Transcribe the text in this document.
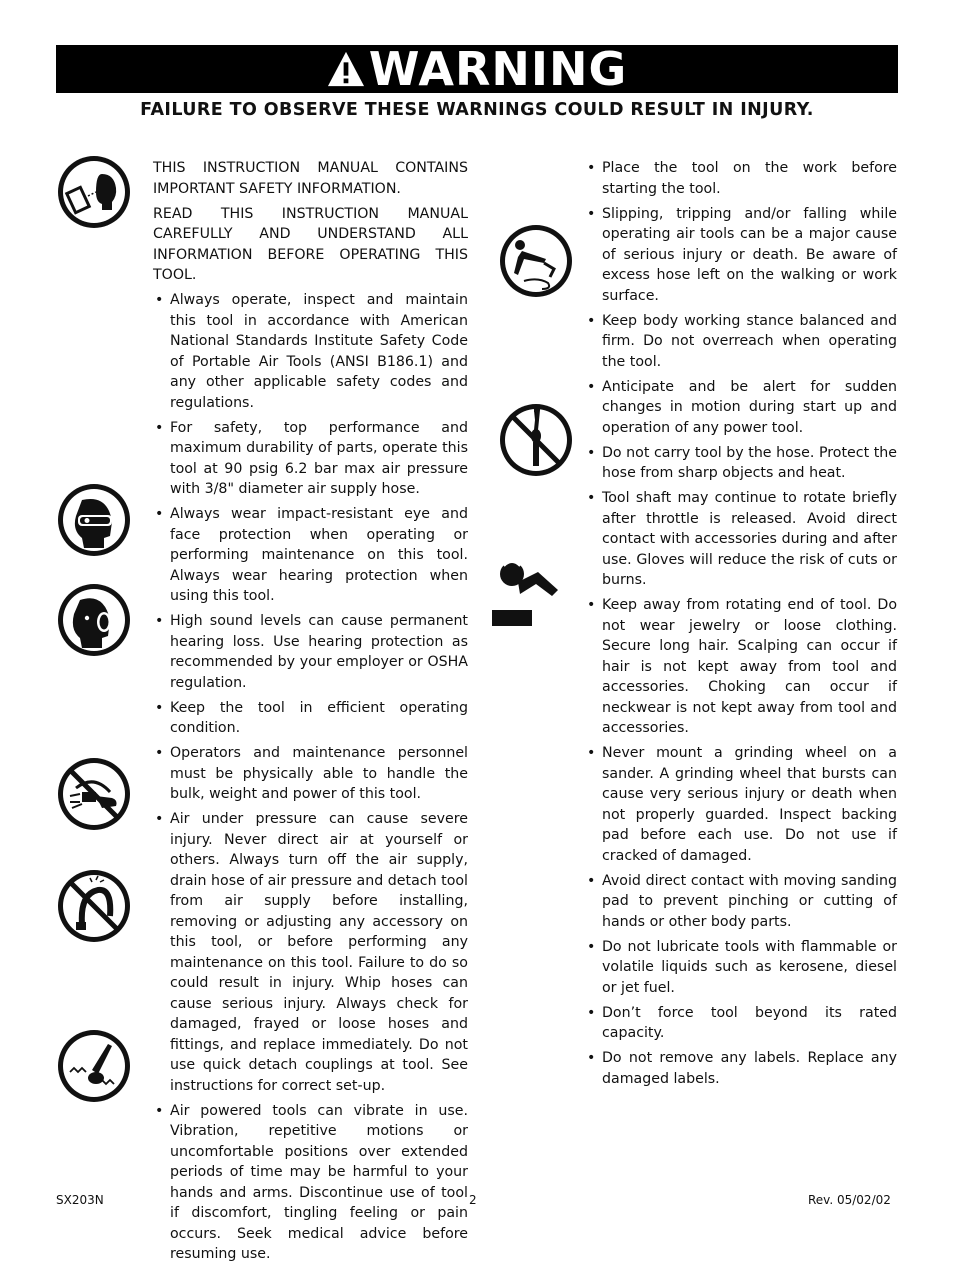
WARNING
FAILURE TO OBSERVE THESE WARNINGS COULD RESULT IN INJURY.

THIS INSTRUCTION MANUAL CONTAINS IMPORTANT SAFETY INFORMATION.

READ THIS INSTRUCTION MANUAL CAREFULLY AND UNDERSTAND ALL INFORMATION BEFORE OPERATING THIS TOOL.

• Always operate, inspect and maintain this tool in accordance with American National Standards Institute Safety Code of Portable Air Tools (ANSI B186.1) and any other applicable safety codes and regulations.
• For safety, top performance and maximum durability of parts, operate this tool at 90 psig 6.2 bar max air pressure with 3/8" diameter air supply hose.
• Always wear impact-resistant eye and face protection when operating or performing maintenance on this tool. Always wear hearing protection when using this tool.
• High sound levels can cause permanent hearing loss. Use hearing protection as recommended by your employer or OSHA regulation.
• Keep the tool in efficient operating condition.
• Operators and maintenance personnel must be physically able to handle the bulk, weight and power of this tool.
• Air under pressure can cause severe injury. Never direct air at yourself or others. Always turn off the air supply, drain hose of air pressure and detach tool from air supply before installing, removing or adjusting any accessory on this tool, or before performing any maintenance on this tool. Failure to do so could result in injury. Whip hoses can cause serious injury. Always check for damaged, frayed or loose hoses and fittings, and replace immediately. Do not use quick detach couplings at tool. See instructions for correct set-up.
• Air powered tools can vibrate in use. Vibration, repetitive motions or uncomfortable positions over extended periods of time may be harmful to your hands and arms. Discontinue use of tool if discomfort, tingling feeling or pain occurs. Seek medical advice before resuming use.
• Place the tool on the work before starting the tool.
• Slipping, tripping and/or falling while operating air tools can be a major cause of serious injury or death. Be aware of excess hose left on the walking or work surface.
• Keep body working stance balanced and firm. Do not overreach when operating the tool.
• Anticipate and be alert for sudden changes in motion during start up and operation of any power tool.
• Do not carry tool by the hose. Protect the hose from sharp objects and heat.
• Tool shaft may continue to rotate briefly after throttle is released. Avoid direct contact with accessories during and after use. Gloves will reduce the risk of cuts or burns.
• Keep away from rotating end of tool. Do not wear jewelry or loose clothing. Secure long hair. Scalping can occur if hair is not kept away from tool and accessories. Choking can occur if neckwear is not kept away from tool and accessories.
• Never mount a grinding wheel on a sander. A grinding wheel that bursts can cause very serious injury or death when not properly guarded. Inspect backing pad before each use. Do not use if cracked of damaged.
• Avoid direct contact with moving sanding pad to prevent pinching or cutting of hands or other body parts.
• Do not lubricate tools with flammable or volatile liquids such as kerosene, diesel or jet fuel.
• Don’t force tool beyond its rated capacity.
• Do not remove any labels. Replace any damaged labels.
SX203N	2	Rev. 05/02/02
